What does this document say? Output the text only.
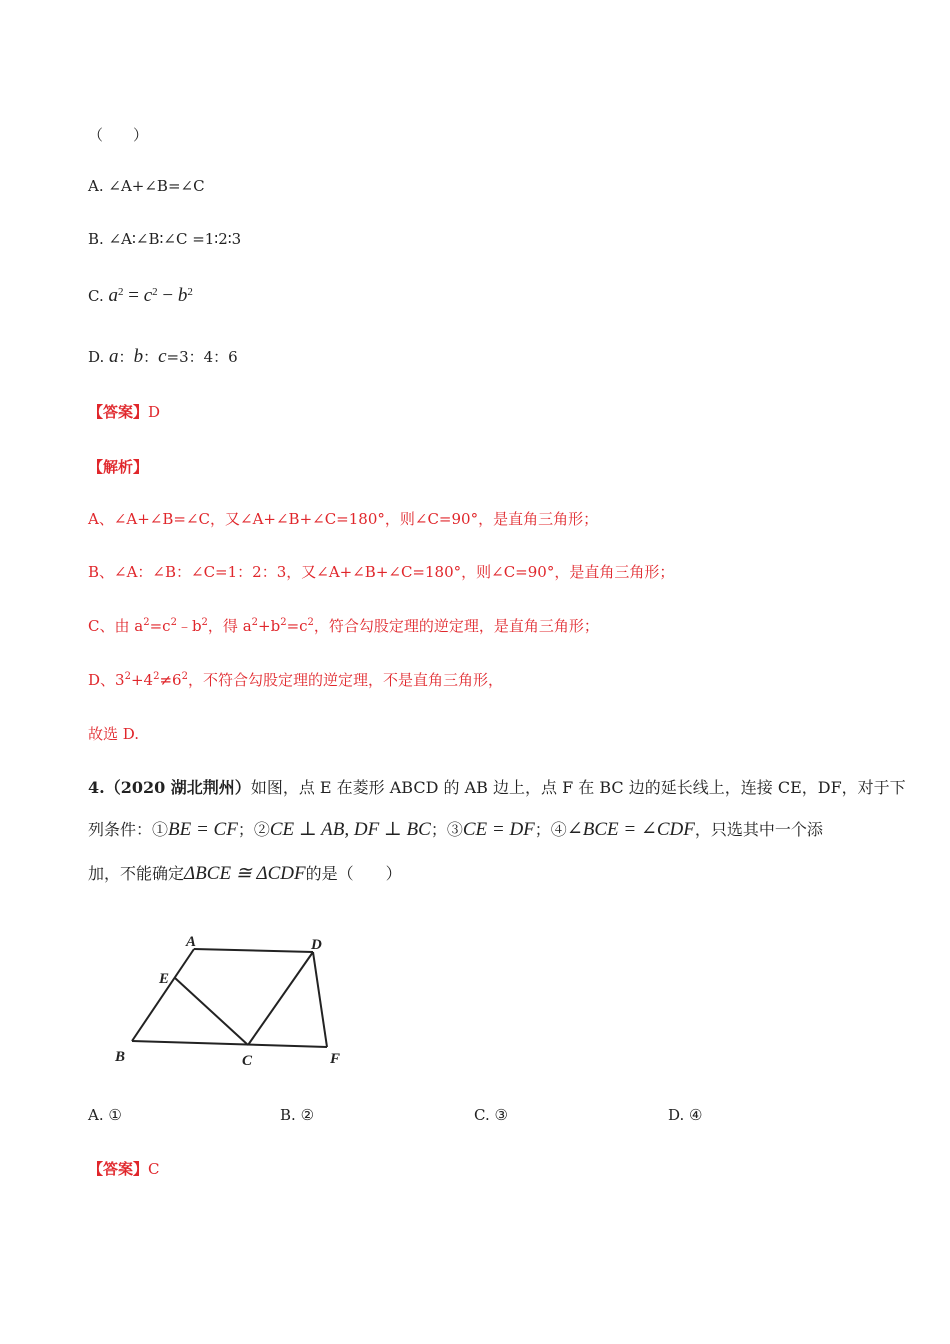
（　　）
A. ∠A+∠B=∠C
B. ∠A∶∠B∶∠C =1∶2∶3
C. $a^2 = c^2 - b^2$
D. a：b：c=3：4：6
【答案】D
【解析】
A、∠A+∠B=∠C，又∠A+∠B+∠C=180°，则∠C=90°，是直角三角形；
B、∠A：∠B：∠C=1：2：3，又∠A+∠B+∠C=180°，则∠C=90°，是直角三角形；
C、由 $a^2=c^2﹣b^2$，得 $a^2+b^2=c^2$，符合勾股定理的逆定理，是直角三角形；
D、$3^2+4^2\ne 6^2$，不符合勾股定理的逆定理，不是直角三角形，
故选 D.
4.（2020 湖北荆州）如图，点 E 在菱形 ABCD 的 AB 边上，点 F 在 BC 边的延长线上，连接 CE，DF，对于下
列条件：①BE = CF；②CE ⊥ AB, DF ⊥ BC；③CE = DF；④∠BCE = ∠CDF，只选其中一个添
加，不能确定ΔBCE ≅ ΔCDF的是（　　）
A	D
E
B	C	F
A. ①	B. ②	C. ③	D. ④
【答案】C
